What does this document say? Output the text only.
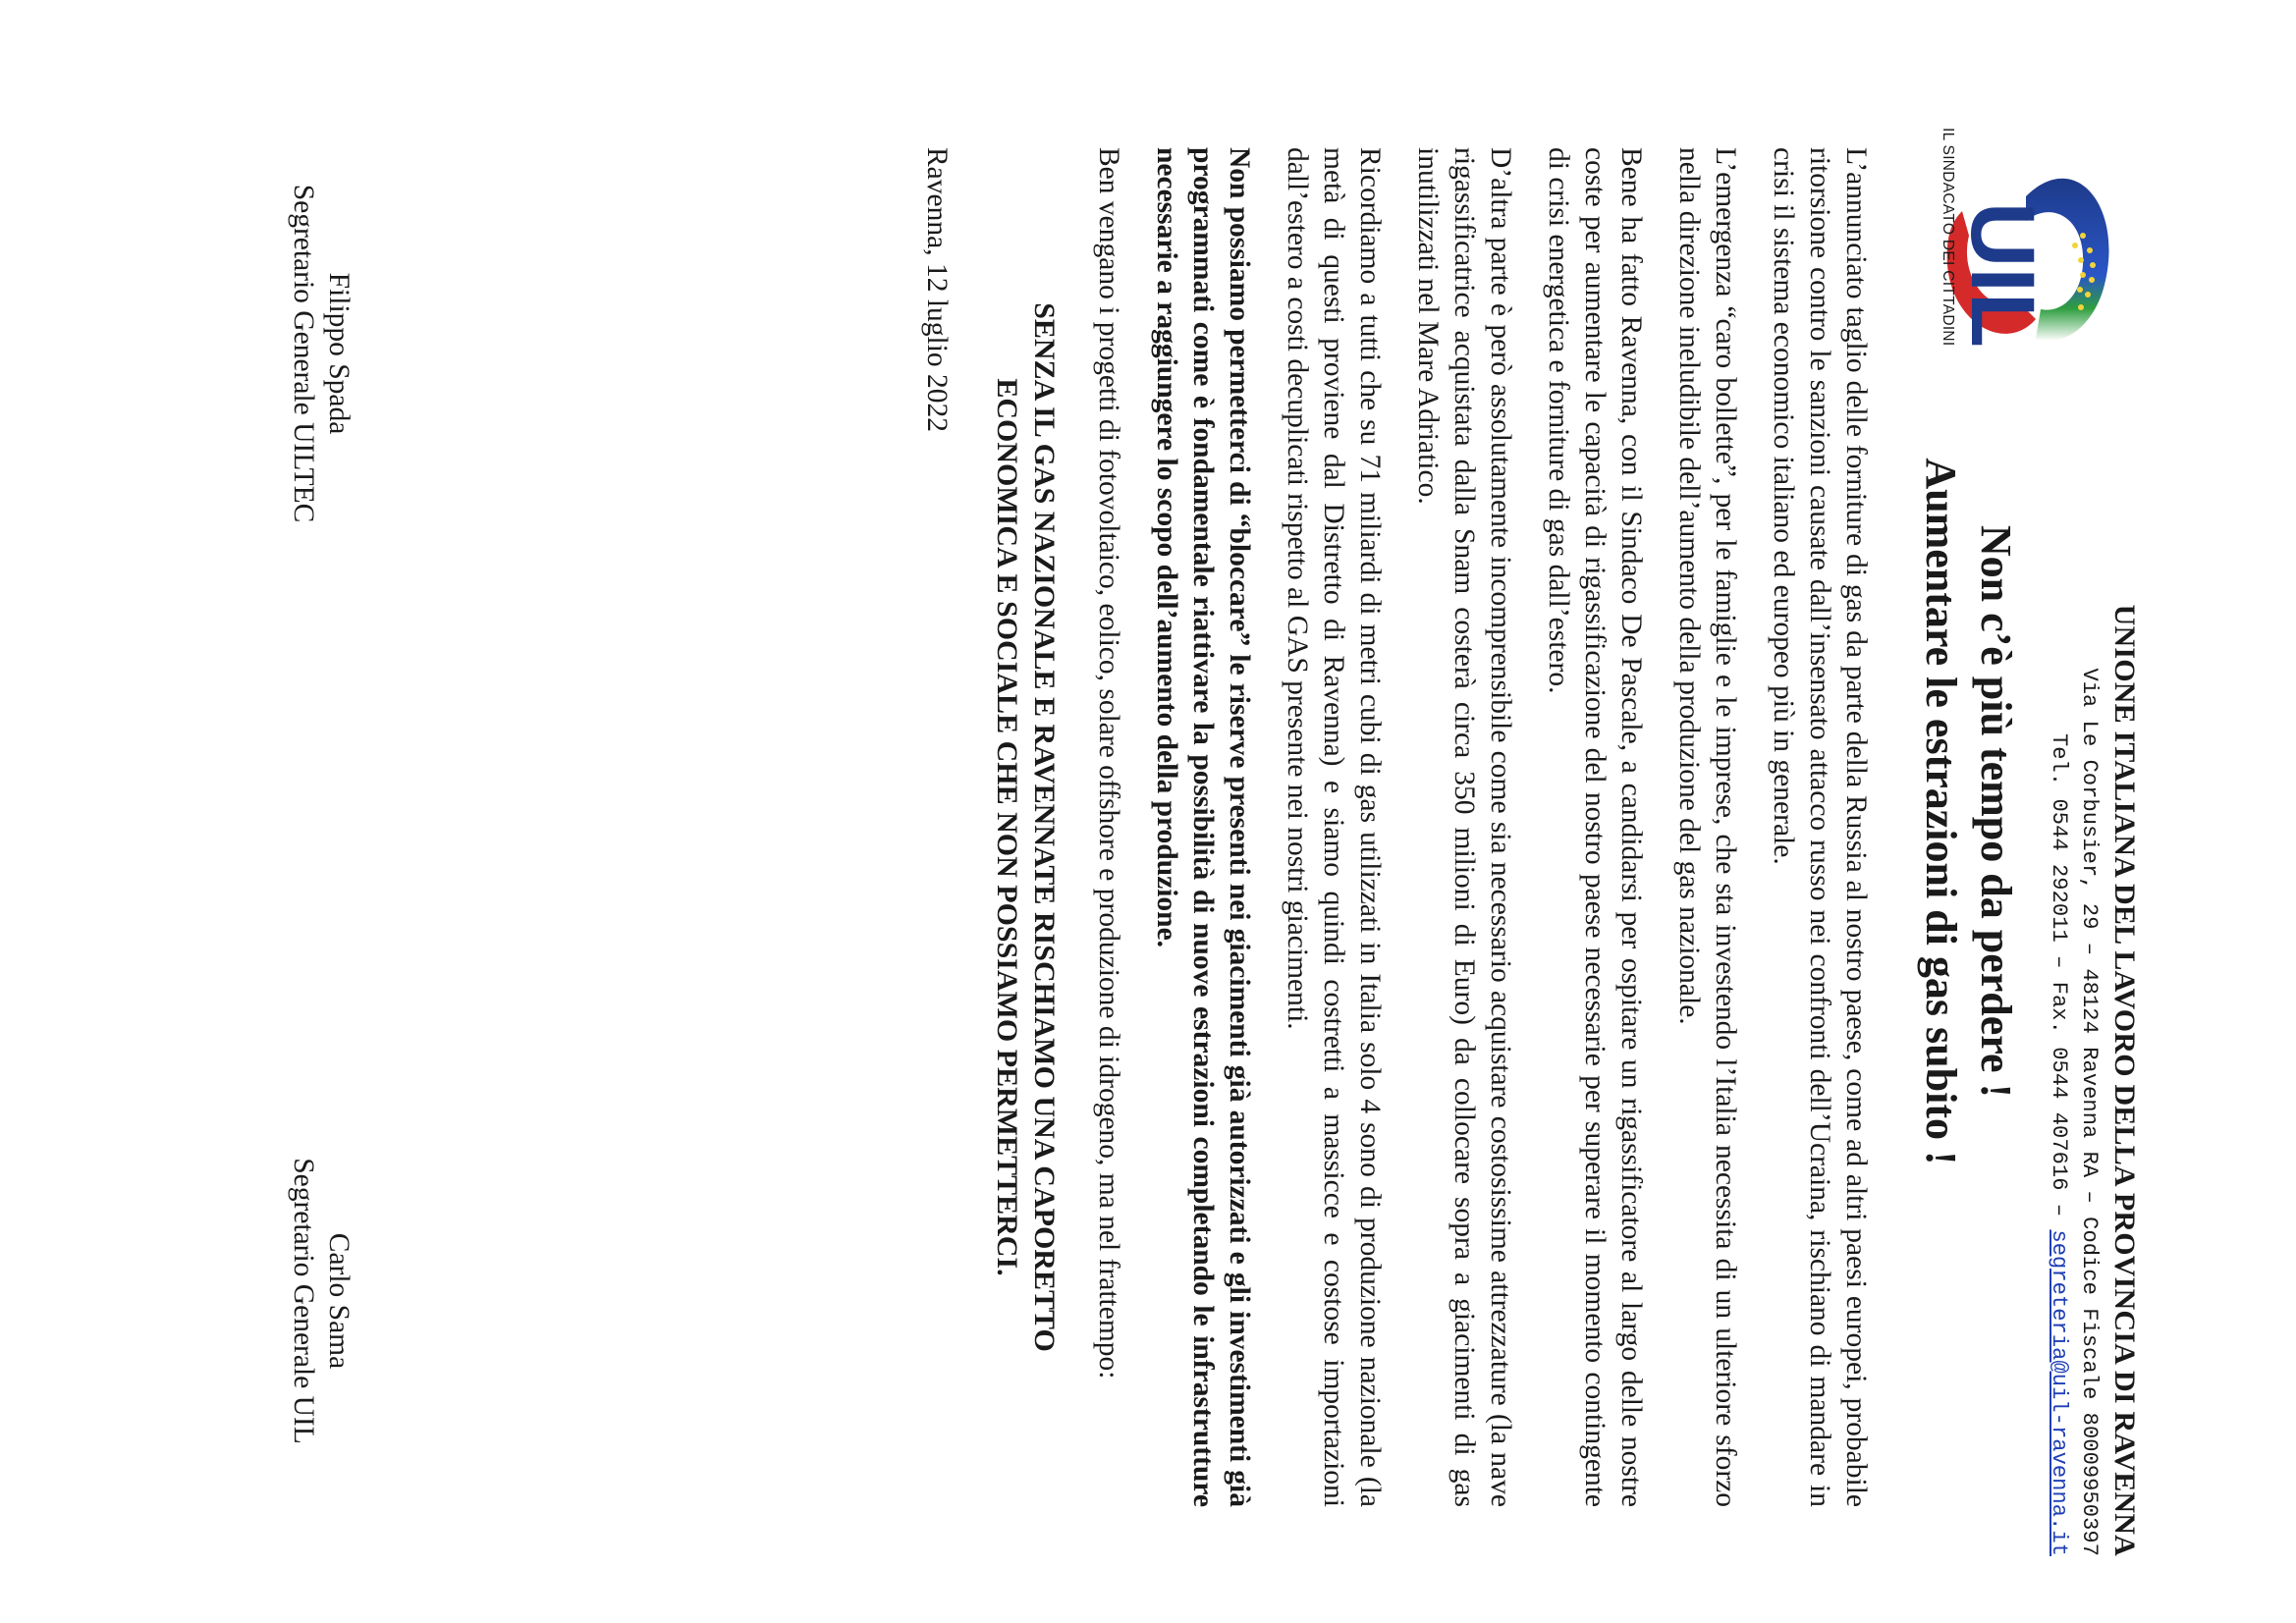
UIL
IL SINDACATO DEI CITTADINI
UNIONE ITALIANA DEL LAVORO DELLA PROVINCIA DI RAVENNA
Via Le Corbusier, 29 – 48124 Ravenna RA – Codice Fiscale 80009950397
Tel. 0544 292011 – Fax. 0544 407616 – segreteria@uil-ravenna.it
Non c’è più tempo da perdere !
Aumentare le estrazioni di gas subito !

L’annunciato taglio delle forniture di gas da parte della Russia al nostro paese, come ad altri paesi europei, probabile ritorsione contro le sanzioni causate dall’insensato attacco russo nei confronti dell’Ucraina, rischiano di mandare in crisi il sistema economico italiano ed europeo più in generale.

L’emergenza “caro bollette”, per le famiglie e le imprese, che sta investendo l’Italia necessita di un ulteriore sforzo nella direzione ineludibile dell’aumento della produzione del gas nazionale.

Bene ha fatto Ravenna, con il Sindaco De Pascale, a candidarsi per ospitare un rigassificatore al largo delle nostre coste per aumentare le capacità di rigassificazione del nostro paese necessarie per superare il momento contingente di crisi energetica e forniture di gas dall’estero.

D’altra parte è però assolutamente incomprensibile come sia necessario acquistare costosissime attrezzature (la nave rigassificatrice acquistata dalla Snam costerà circa 350 milioni di Euro) da collocare sopra a giacimenti di gas inutilizzati nel Mare Adriatico.

Ricordiamo a tutti che su 71 miliardi di metri cubi di gas utilizzati in Italia solo 4 sono di produzione nazionale (la metà di questi proviene dal Distretto di Ravenna) e siamo quindi costretti a massicce e costose importazioni dall’estero a costi decuplicati rispetto al GAS presente nei nostri giacimenti.

Non possiamo permetterci di “bloccare” le riserve presenti nei giacimenti già autorizzati e gli investimenti già programmati come è fondamentale riattivare la possibilità di nuove estrazioni completando le infrastrutture necessarie a raggiungere lo scopo dell’aumento della produzione.

Ben vengano i progetti di fotovoltaico, eolico, solare offshore e produzione di idrogeno, ma nel frattempo:

SENZA IL GAS NAZIONALE E RAVENNATE RISCHIAMO UNA CAPORETTO
ECONOMICA E SOCIALE CHE NON POSSIAMO PERMETTERCI.

Ravenna, 12 luglio 2022

Filippo Spada
Segretario Generale UILTEC
Carlo Sama
Segretario Generale UIL
